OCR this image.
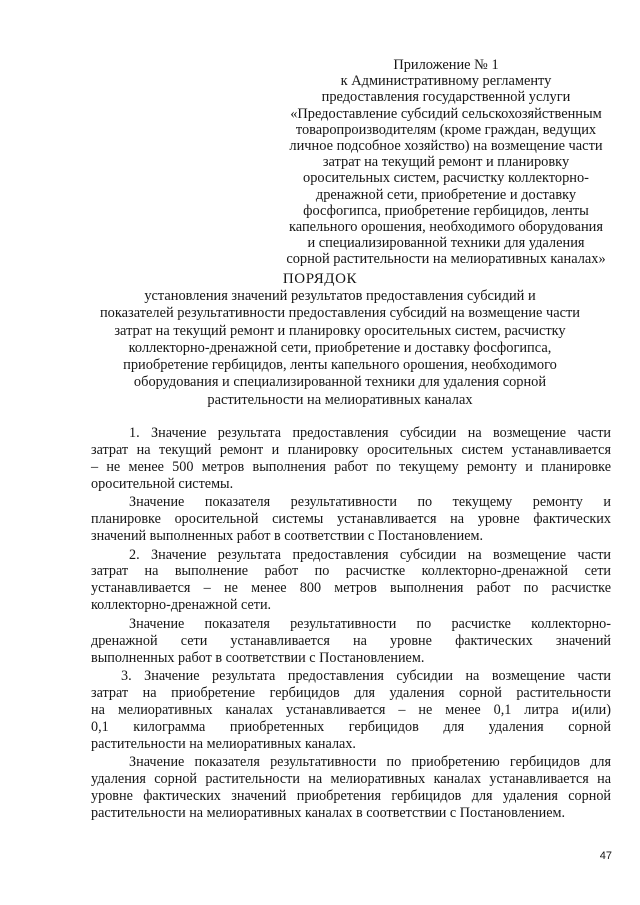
Приложение № 1
к Административному регламенту
предоставления государственной услуги
«Предоставление субсидий сельскохозяйственным
товаропроизводителям (кроме граждан, ведущих
личное подсобное хозяйство) на возмещение части
затрат на текущий ремонт и планировку
оросительных систем, расчистку коллекторно-
дренажной сети, приобретение и доставку
фосфогипса, приобретение гербицидов, ленты
капельного орошения, необходимого оборудования
и специализированной техники для удаления
сорной растительности на мелиоративных каналах»
ПОРЯДОК
установления значений результатов предоставления субсидий и
показателей результативности предоставления субсидий на возмещение части
затрат на текущий ремонт и планировку оросительных систем, расчистку
коллекторно-дренажной сети, приобретение и доставку фосфогипса,
приобретение гербицидов, ленты капельного орошения, необходимого
оборудования и специализированной техники для удаления сорной
растительности на мелиоративных каналах
1. Значение результата предоставления субсидии на возмещение части
затрат на текущий ремонт и планировку оросительных систем устанавливается
– не менее 500 метров выполнения работ по текущему ремонту и планировке
оросительной системы.
Значение показателя результативности по текущему ремонту и
планировке оросительной системы устанавливается на уровне фактических
значений выполненных работ в соответствии с Постановлением.
2. Значение результата предоставления субсидии на возмещение части
затрат на выполнение работ по расчистке коллекторно-дренажной сети
устанавливается – не менее 800 метров выполнения работ по расчистке
коллекторно-дренажной сети.
Значение показателя результативности по расчистке коллекторно-
дренажной сети устанавливается на уровне фактических значений
выполненных работ в соответствии с Постановлением.
3. Значение результата предоставления субсидии на возмещение части
затрат на приобретение гербицидов для удаления сорной растительности
на мелиоративных каналах устанавливается – не менее 0,1 литра и(или)
0,1 килограмма приобретенных гербицидов для удаления сорной
растительности на мелиоративных каналах.
Значение показателя результативности по приобретению гербицидов для
удаления сорной растительности на мелиоративных каналах устанавливается на
уровне фактических значений приобретения гербицидов для удаления сорной
растительности на мелиоративных каналах в соответствии с Постановлением.
47
